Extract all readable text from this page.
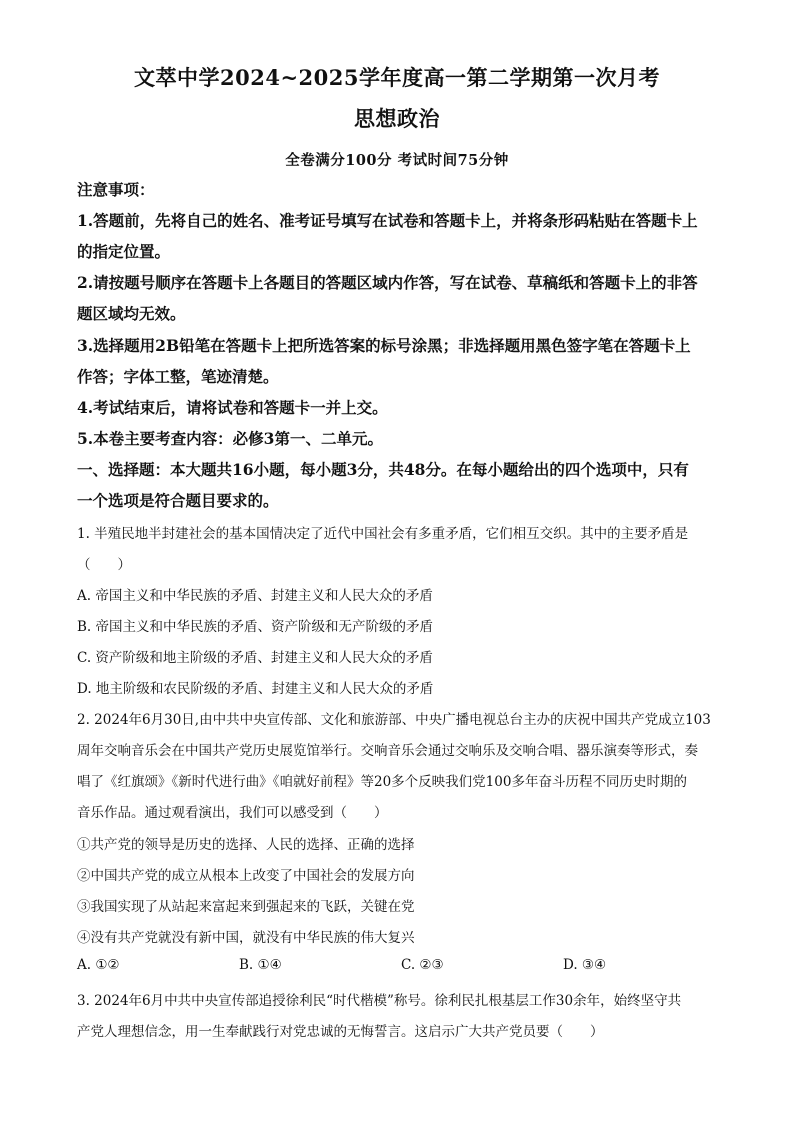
文萃中学2024~2025学年度高一第二学期第一次月考
思想政治
全卷满分100分 考试时间75分钟
注意事项：
1.答题前，先将自己的姓名、准考证号填写在试卷和答题卡上，并将条形码粘贴在答题卡上
的指定位置。
2.请按题号顺序在答题卡上各题目的答题区域内作答，写在试卷、草稿纸和答题卡上的非答
题区域均无效。
3.选择题用2B铅笔在答题卡上把所选答案的标号涂黑；非选择题用黑色签字笔在答题卡上
作答；字体工整，笔迹清楚。
4.考试结束后，请将试卷和答题卡一并上交。
5.本卷主要考查内容：必修3第一、二单元。
一、选择题：本大题共16小题，每小题3分，共48分。在每小题给出的四个选项中，只有
一个选项是符合题目要求的。
1. 半殖民地半封建社会的基本国情决定了近代中国社会有多重矛盾，它们相互交织。其中的主要矛盾是
（　　）
A. 帝国主义和中华民族的矛盾、封建主义和人民大众的矛盾
B. 帝国主义和中华民族的矛盾、资产阶级和无产阶级的矛盾
C. 资产阶级和地主阶级的矛盾、封建主义和人民大众的矛盾
D. 地主阶级和农民阶级的矛盾、封建主义和人民大众的矛盾
2. 2024年6月30日,由中共中央宣传部、文化和旅游部、中央广播电视总台主办的庆祝中国共产党成立103
周年交响音乐会在中国共产党历史展览馆举行。交响音乐会通过交响乐及交响合唱、器乐演奏等形式，奏
唱了《红旗颂》《新时代进行曲》《咱就好前程》等20多个反映我们党100多年奋斗历程不同历史时期的
音乐作品。通过观看演出，我们可以感受到（　　）
①共产党的领导是历史的选择、人民的选择、正确的选择
②中国共产党的成立从根本上改变了中国社会的发展方向
③我国实现了从站起来富起来到强起来的飞跃，关键在党
④没有共产党就没有新中国，就没有中华民族的伟大复兴
A. ①②	B. ①④	C. ②③	D. ③④
3. 2024年6月中共中央宣传部追授徐利民“时代楷模”称号。徐利民扎根基层工作30余年，始终坚守共
产党人理想信念，用一生奉献践行对党忠诚的无悔誓言。这启示广大共产党员要（　　）
